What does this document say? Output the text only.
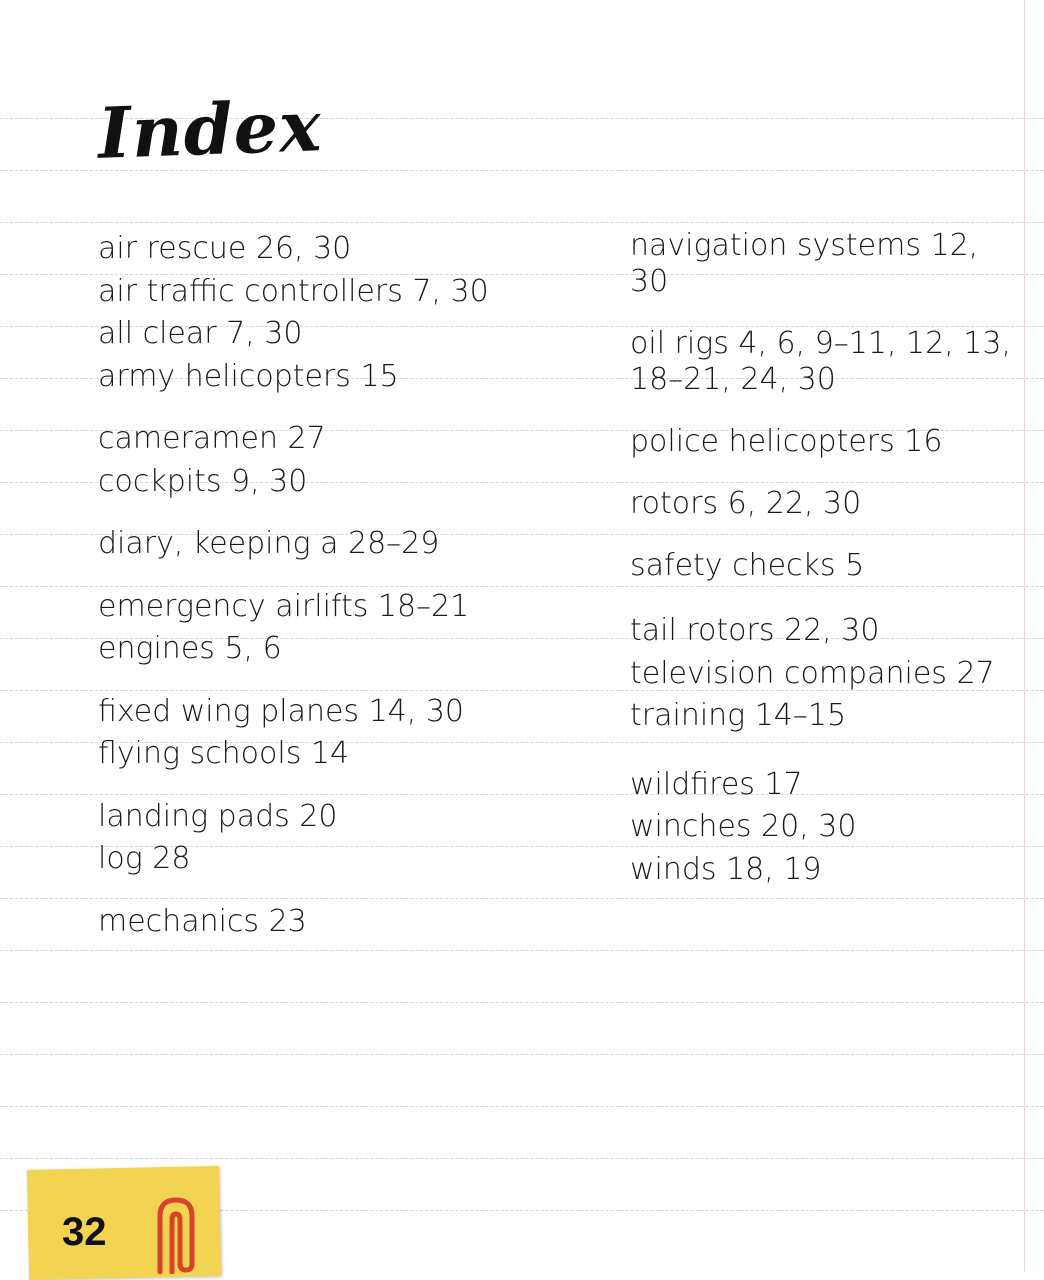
Index
air rescue 26, 30
air traffic controllers 7, 30
all clear 7, 30
army helicopters 15
cameramen 27
cockpits 9, 30
diary, keeping a 28–29
emergency airlifts 18–21
engines 5, 6
fixed wing planes 14, 30
flying schools 14
landing pads 20
log 28
mechanics 23
navigation systems 12, 30
oil rigs 4, 6, 9–11, 12, 13, 18–21, 24, 30
police helicopters 16
rotors 6, 22, 30
safety checks 5
tail rotors 22, 30
television companies 27
training 14–15
wildfires 17
winches 20, 30
winds 18, 19
32
